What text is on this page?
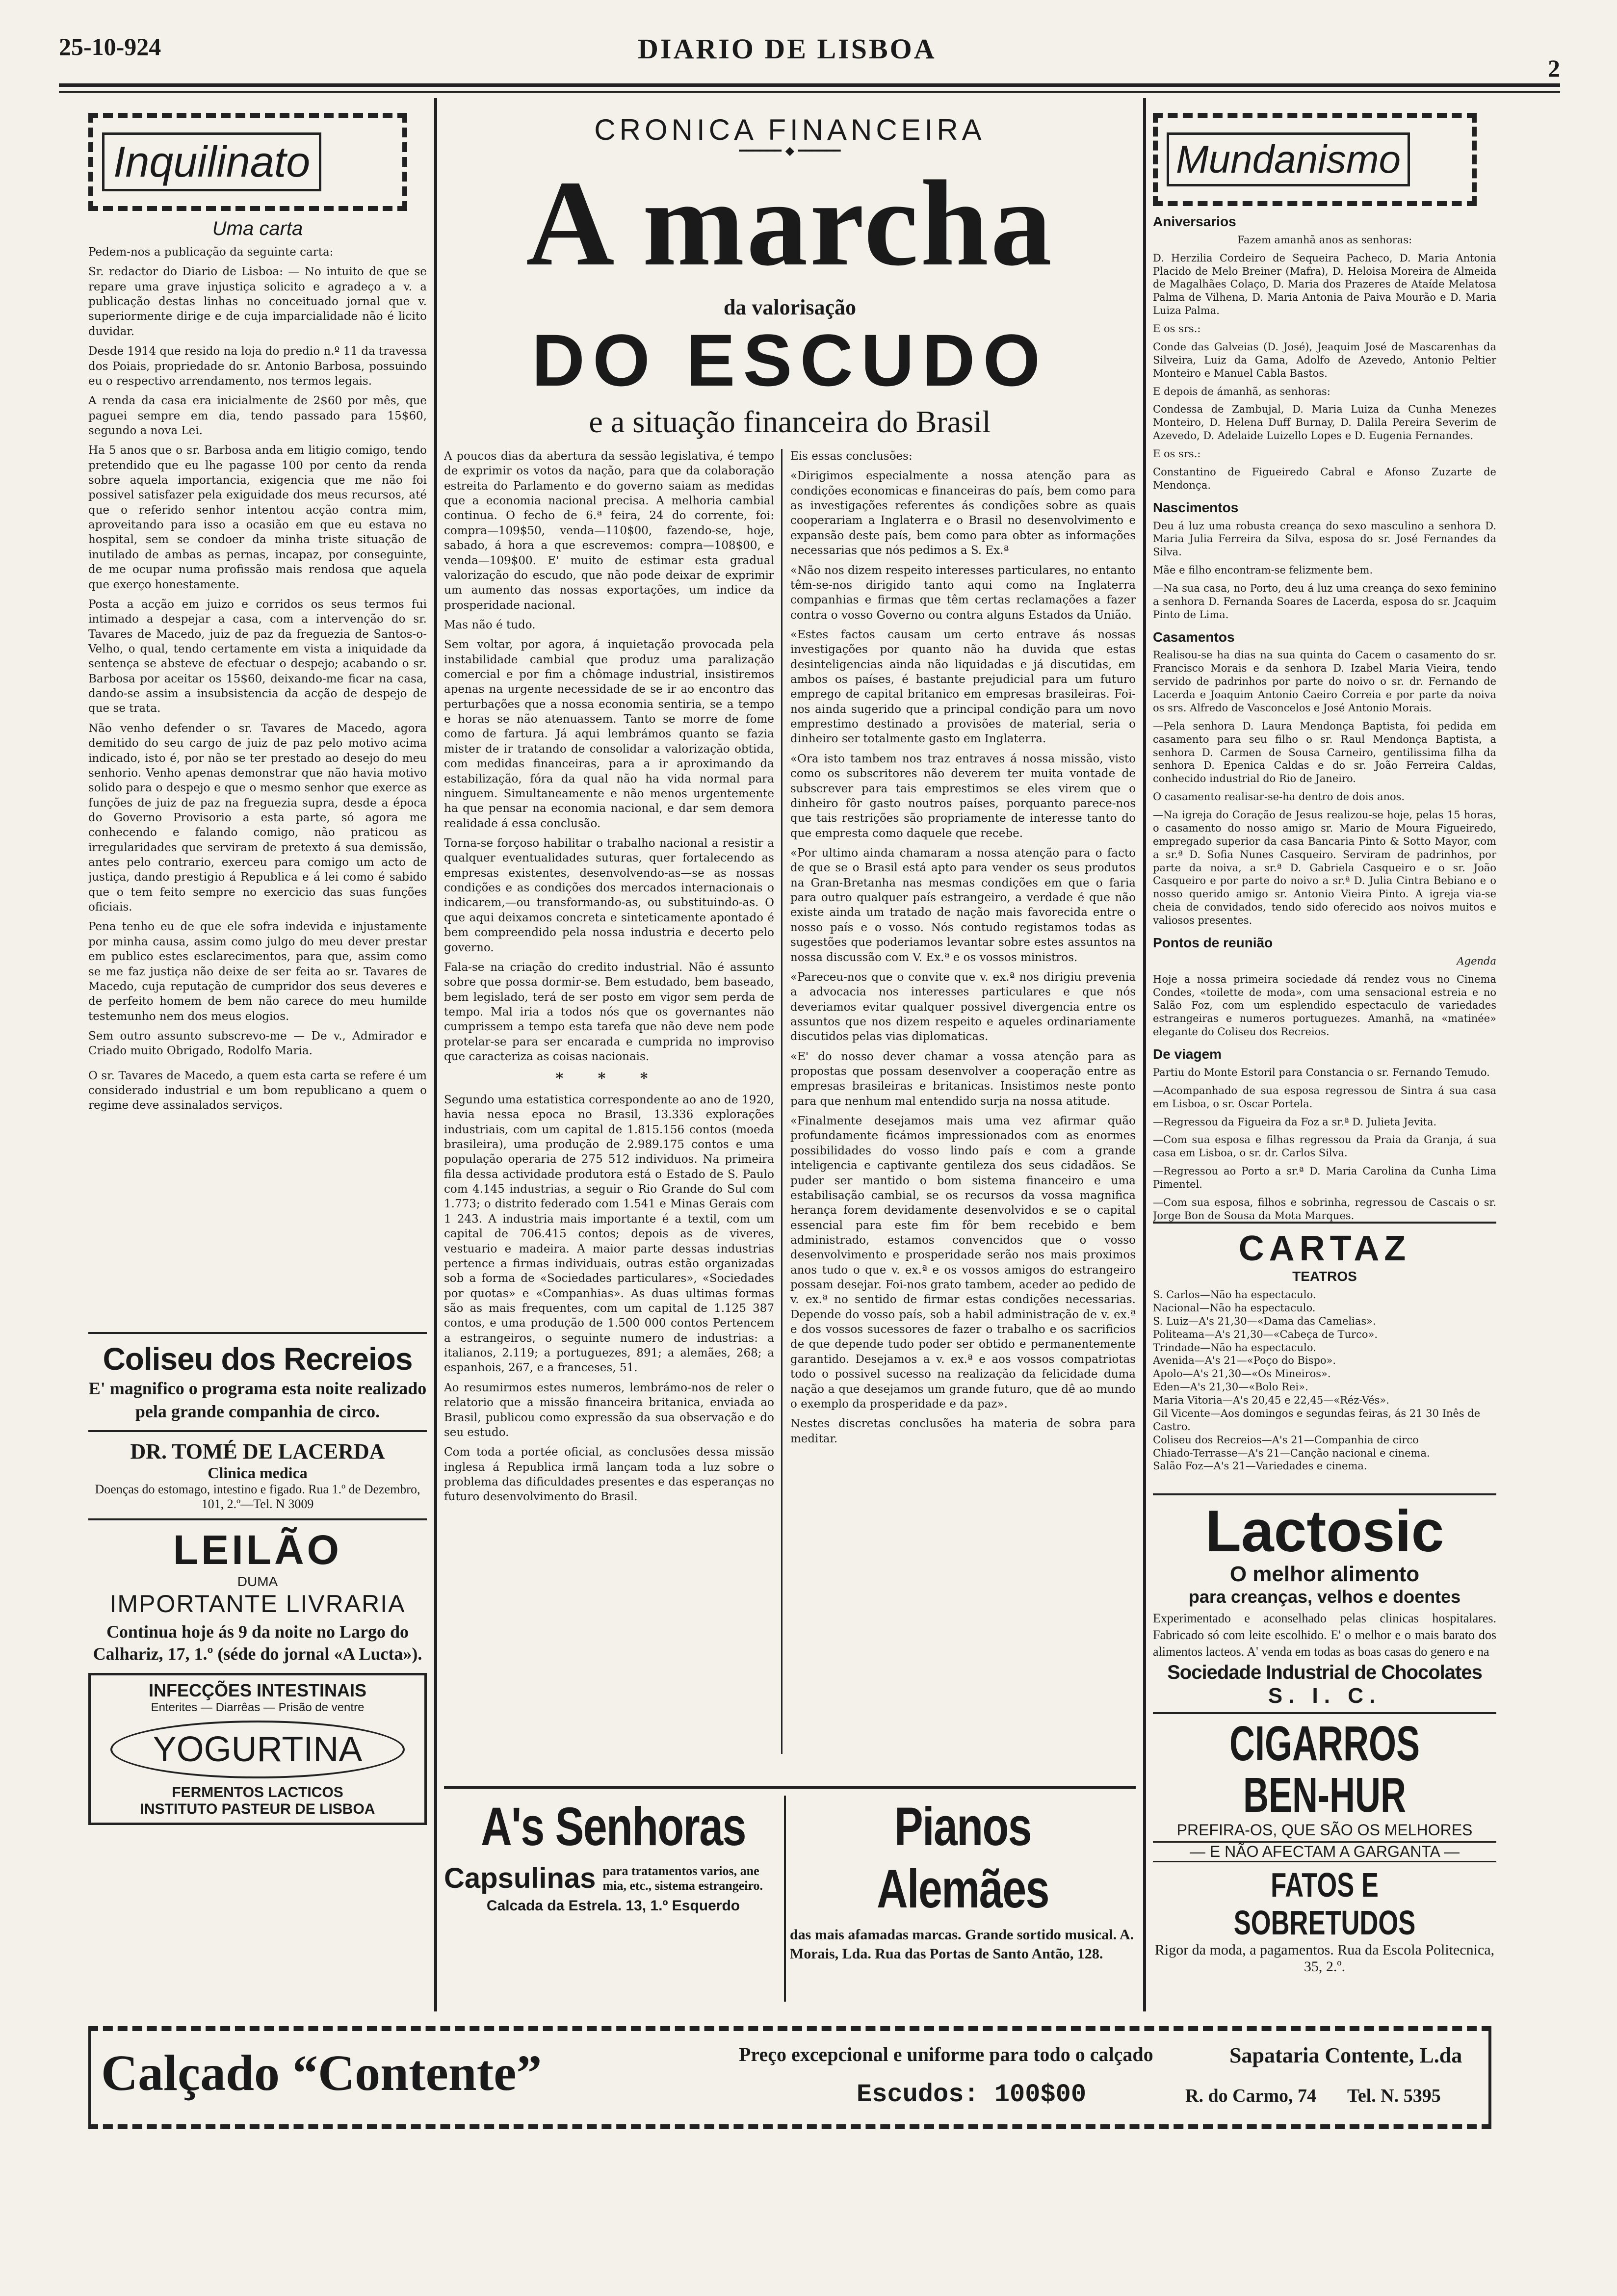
25-10-924	DIARIO DE LISBOA
2
Inquilinato
Uma carta

Pedem-nos a publicação da seguinte carta:

Sr. redactor do Diario de Lisboa: — No intuito de que se repare uma grave injustiça solicito e agradeço a v. a publicação destas linhas no conceituado jornal que v. superiormente dirige e de cuja imparcialidade não é licito duvidar.

Desde 1914 que resido na loja do predio n.º 11 da travessa dos Poiais, propriedade do sr. Antonio Barbosa, possuindo eu o respectivo arrendamento, nos termos legais.

A renda da casa era inicialmente de 2$60 por mês, que paguei sempre em dia, tendo passado para 15$60, segundo a nova Lei.

Ha 5 anos que o sr. Barbosa anda em litigio comigo, tendo pretendido que eu lhe pagasse 100 por cento da renda sobre aquela importancia, exigencia que me não foi possivel satisfazer pela exiguidade dos meus recursos, até que o referido senhor intentou acção contra mim, aproveitando para isso a ocasião em que eu estava no hospital, sem se condoer da minha triste situação de inutilado de ambas as pernas, incapaz, por conseguinte, de me ocupar numa profissão mais rendosa que aquela que exerço honestamente.

Posta a acção em juizo e corridos os seus termos fui intimado a despejar a casa, com a intervenção do sr. Tavares de Macedo, juiz de paz da freguezia de Santos-o-Velho, o qual, tendo certamente em vista a iniquidade da sentença se absteve de efectuar o despejo; acabando o sr. Barbosa por aceitar os 15$60, deixando-me ficar na casa, dando-se assim a insubsistencia da acção de despejo de que se trata.

Não venho defender o sr. Tavares de Macedo, agora demitido do seu cargo de juiz de paz pelo motivo acima indicado, isto é, por não se ter prestado ao desejo do meu senhorio. Venho apenas demonstrar que não havia motivo solido para o despejo e que o mesmo senhor que exerce as funções de juiz de paz na freguezia supra, desde a época do Governo Provisorio a esta parte, só agora me conhecendo e falando comigo, não praticou as irregularidades que serviram de pretexto á sua demissão, antes pelo contrario, exerceu para comigo um acto de justiça, dando prestigio á Republica e á lei como é sabido que o tem feito sempre no exercicio das suas funções oficiais.

Pena tenho eu de que ele sofra indevida e injustamente por minha causa, assim como julgo do meu dever prestar em publico estes esclarecimentos, para que, assim como se me faz justiça não deixe de ser feita ao sr. Tavares de Macedo, cuja reputação de cumpridor dos seus deveres e de perfeito homem de bem não carece do meu humilde testemunho nem dos meus elogios.

Sem outro assunto subscrevo-me — De v., Admirador e Criado muito Obrigado, Rodolfo Maria.

O sr. Tavares de Macedo, a quem esta carta se refere é um considerado industrial e um bom republicano a quem o regime deve assinalados serviços.

Coliseu dos Recreios
E' magnifico o programa esta noite realizado pela grande companhia de circo.
DR. TOMÉ DE LACERDA
Clinica medica
Doenças do estomago, intestino e figado. Rua 1.º de Dezembro, 101, 2.º—Tel. N 3009
LEILÃO
DUMA
IMPORTANTE LIVRARIA
Continua hoje ás 9 da noite no Largo do Calhariz, 17, 1.º (séde do jornal «A Lucta»).
INFECÇÕES INTESTINAIS
Enterites — Diarrêas — Prisão de ventre
YOGURTINA
FERMENTOS LACTICOS
INSTITUTO PASTEUR DE LISBOA
CRONICA FINANCEIRA
━━━━━━ ◆ ━━━━━━
A marcha
da valorisação
DO ESCUDO
e a situação financeira do Brasil

A poucos dias da abertura da sessão legislativa, é tempo de exprimir os votos da nação, para que da colaboração estreita do Parlamento e do governo saiam as medidas que a economia nacional precisa. A melhoria cambial continua. O fecho de 6.ª feira, 24 do corrente, foi: compra—109$50, venda—110$00, fazendo-se, hoje, sabado, á hora a que escrevemos: compra—108$00, e venda—109$00. E' muito de estimar esta gradual valorização do escudo, que não pode deixar de exprimir um aumento das nossas exportações, um indice da prosperidade nacional.

Mas não é tudo.

Sem voltar, por agora, á inquietação provocada pela instabilidade cambial que produz uma paralização comercial e por fim a chômage industrial, insistiremos apenas na urgente necessidade de se ir ao encontro das perturbações que a nossa economia sentiria, se a tempo e horas se não atenuassem. Tanto se morre de fome como de fartura. Já aqui lembrámos quanto se fazia mister de ir tratando de consolidar a valorização obtida, com medidas financeiras, para a ir aproximando da estabilização, fóra da qual não ha vida normal para ninguem. Simultaneamente e não menos urgentemente ha que pensar na economia nacional, e dar sem demora realidade á essa conclusão.

Torna-se forçoso habilitar o trabalho nacional a resistir a qualquer eventualidades suturas, quer fortalecendo as empresas existentes, desenvolvendo-as—se as nossas condições e as condições dos mercados internacionais o indicarem,—ou transformando-as, ou substituindo-as. O que aqui deixamos concreta e sinteticamente apontado é bem compreendido pela nossa industria e decerto pelo governo.

Fala-se na criação do credito industrial. Não é assunto sobre que possa dormir-se. Bem estudado, bem baseado, bem legislado, terá de ser posto em vigor sem perda de tempo. Mal iria a todos nós que os governantes não cumprissem a tempo esta tarefa que não deve nem pode protelar-se para ser encarada e cumprida no improviso que caracteriza as coisas nacionais.

* * *

Segundo uma estatistica correspondente ao ano de 1920, havia nessa epoca no Brasil, 13.336 explorações industriais, com um capital de 1.815.156 contos (moeda brasileira), uma produção de 2.989.175 contos e uma população operaria de 275 512 individuos. Na primeira fila dessa actividade produtora está o Estado de S. Paulo com 4.145 industrias, a seguir o Rio Grande do Sul com 1.773; o distrito federado com 1.541 e Minas Gerais com 1 243. A industria mais importante é a textil, com um capital de 706.415 contos; depois as de viveres, vestuario e madeira. A maior parte dessas industrias pertence a firmas individuais, outras estão organizadas sob a forma de «Sociedades particulares», «Sociedades por quotas» e «Companhias». As duas ultimas formas são as mais frequentes, com um capital de 1.125 387 contos, e uma produção de 1.500 000 contos Pertencem a estrangeiros, o seguinte numero de industrias: a italianos, 2.119; a portuguezes, 891; a alemães, 268; a espanhois, 267, e a franceses, 51.

Ao resumirmos estes numeros, lembrámo-nos de reler o relatorio que a missão financeira britanica, enviada ao Brasil, publicou como expressão da sua observação e do seu estudo.

Com toda a portée oficial, as conclusões dessa missão inglesa á Republica irmã lançam toda a luz sobre o problema das dificuldades presentes e das esperanças no futuro desenvolvimento do Brasil.

Eis essas conclusões:

«Dirigimos especialmente a nossa atenção para as condições economicas e financeiras do país, bem como para as investigações referentes ás condições sobre as quais cooperariam a Inglaterra e o Brasil no desenvolvimento e expansão deste país, bem como para obter as informações necessarias que nós pedimos a S. Ex.ª

«Não nos dizem respeito interesses particulares, no entanto têm-se-nos dirigido tanto aqui como na Inglaterra companhias e firmas que têm certas reclamações a fazer contra o vosso Governo ou contra alguns Estados da União.

«Estes factos causam um certo entrave ás nossas investigações por quanto não ha duvida que estas desinteligencias ainda não liquidadas e já discutidas, em ambos os países, é bastante prejudicial para um futuro emprego de capital britanico em empresas brasileiras. Foi-nos ainda sugerido que a principal condição para um novo emprestimo destinado a provisões de material, seria o dinheiro ser totalmente gasto em Inglaterra.

«Ora isto tambem nos traz entraves á nossa missão, visto como os subscritores não deverem ter muita vontade de subscrever para tais emprestimos se eles virem que o dinheiro fôr gasto noutros países, porquanto parece-nos que tais restrições são propriamente de interesse tanto do que empresta como daquele que recebe.

«Por ultimo ainda chamaram a nossa atenção para o facto de que se o Brasil está apto para vender os seus produtos na Gran-Bretanha nas mesmas condições em que o faria para outro qualquer país estrangeiro, a verdade é que não existe ainda um tratado de nação mais favorecida entre o nosso país e o vosso. Nós contudo registamos todas as sugestões que poderiamos levantar sobre estes assuntos na nossa discussão com V. Ex.ª e os vossos ministros.

«Pareceu-nos que o convite que v. ex.ª nos dirigiu prevenia a advocacia nos interesses particulares e que nós deveriamos evitar qualquer possivel divergencia entre os assuntos que nos dizem respeito e aqueles ordinariamente discutidos pelas vias diplomaticas.

«E' do nosso dever chamar a vossa atenção para as propostas que possam desenvolver a cooperação entre as empresas brasileiras e britanicas. Insistimos neste ponto para que nenhum mal entendido surja na nossa atitude.

«Finalmente desejamos mais uma vez afirmar quão profundamente ficámos impressionados com as enormes possibilidades do vosso lindo país e com a grande inteligencia e captivante gentileza dos seus cidadãos. Se puder ser mantido o bom sistema financeiro e uma estabilisação cambial, se os recursos da vossa magnifica herança forem devidamente desenvolvidos e se o capital essencial para este fim fôr bem recebido e bem administrado, estamos convencidos que o vosso desenvolvimento e prosperidade serão nos mais proximos anos tudo o que v. ex.ª e os vossos amigos do estrangeiro possam desejar. Foi-nos grato tambem, aceder ao pedido de v. ex.ª no sentido de firmar estas condições necessarias. Depende do vosso país, sob a habil administração de v. ex.ª e dos vossos sucessores de fazer o trabalho e os sacrificios de que depende tudo poder ser obtido e permanentemente garantido. Desejamos a v. ex.ª e aos vossos compatriotas todo o possivel sucesso na realização da felicidade duma nação a que desejamos um grande futuro, que dê ao mundo o exemplo da prosperidade e da paz».

Nestes discretas conclusões ha materia de sobra para meditar.

A's Senhoras
Capsulinas para tratamentos varios, ane mia, etc., sistema estrangeiro.
Calcada da Estrela. 13, 1.º Esquerdo
Pianos Alemães
das mais afamadas marcas. Grande sortido musical. A. Morais, Lda. Rua das Portas de Santo Antão, 128.
Mundanismo
Aniversarios

Fazem amanhã anos as senhoras:

D. Herzilia Cordeiro de Sequeira Pacheco, D. Maria Antonia Placido de Melo Breiner (Mafra), D. Heloisa Moreira de Almeida de Magalhães Colaço, D. Maria dos Prazeres de Ataíde Melatosa Palma de Vilhena, D. Maria Antonia de Paiva Mourão e D. Maria Luiza Palma.

E os srs.:

Conde das Galveias (D. José), Jeaquim José de Mascarenhas da Silveira, Luiz da Gama, Adolfo de Azevedo, Antonio Peltier Monteiro e Manuel Cabla Bastos.

E depois de ámanhã, as senhoras:

Condessa de Zambujal, D. Maria Luiza da Cunha Menezes Monteiro, D. Helena Duff Burnay, D. Dalila Pereira Severim de Azevedo, D. Adelaide Luizello Lopes e D. Eugenia Fernandes.

E os srs.:

Constantino de Figueiredo Cabral e Afonso Zuzarte de Mendonça.

Nascimentos

Deu á luz uma robusta creança do sexo masculino a senhora D. Maria Julia Ferreira da Silva, esposa do sr. José Fernandes da Silva.

Mãe e filho encontram-se felizmente bem.

—Na sua casa, no Porto, deu á luz uma creança do sexo feminino a senhora D. Fernanda Soares de Lacerda, esposa do sr. Jcaquim Pinto de Lima.

Casamentos

Realisou-se ha dias na sua quinta do Cacem o casamento do sr. Francisco Morais e da senhora D. Izabel Maria Vieira, tendo servido de padrinhos por parte do noivo o sr. dr. Fernando de Lacerda e Joaquim Antonio Caeiro Correia e por parte da noiva os srs. Alfredo de Vasconcelos e José Antonio Morais.

—Pela senhora D. Laura Mendonça Baptista, foi pedida em casamento para seu filho o sr. Raul Mendonça Baptista, a senhora D. Carmen de Sousa Carneiro, gentilissima filha da senhora D. Epenica Caldas e do sr. João Ferreira Caldas, conhecido industrial do Rio de Janeiro.

O casamento realisar-se-ha dentro de dois anos.

—Na igreja do Coração de Jesus realizou-se hoje, pelas 15 horas, o casamento do nosso amigo sr. Mario de Moura Figueiredo, empregado superior da casa Bancaria Pinto & Sotto Mayor, com a sr.ª D. Sofia Nunes Casqueiro. Serviram de padrinhos, por parte da noiva, a sr.ª D. Gabriela Casqueiro e o sr. João Casqueiro e por parte do noivo a sr.ª D. Julia Cintra Bebiano e o nosso querido amigo sr. Antonio Vieira Pinto. A igreja via-se cheia de convidados, tendo sido oferecido aos noivos muitos e valiosos presentes.

Pontos de reunião

Agenda

Hoje a nossa primeira sociedade dá rendez vous no Cinema Condes, «toilette de moda», com uma sensacional estreia e no Salão Foz, com um esplendido espectaculo de variedades estrangeiras e numeros portuguezes. Amanhã, na «matinée» elegante do Coliseu dos Recreios.

De viagem

Partiu do Monte Estoril para Constancia o sr. Fernando Temudo.

—Acompanhado de sua esposa regressou de Sintra á sua casa em Lisboa, o sr. Oscar Portela.

—Regressou da Figueira da Foz a sr.ª D. Julieta Jevita.

—Com sua esposa e filhas regressou da Praia da Granja, á sua casa em Lisboa, o sr. dr. Carlos Silva.

—Regressou ao Porto a sr.ª D. Maria Carolina da Cunha Lima Pimentel.

—Com sua esposa, filhos e sobrinha, regressou de Cascais o sr. Jorge Bon de Sousa da Mota Marques.

CARTAZ
TEATROS
S. Carlos—Não ha espectaculo.
Nacional—Não ha espectaculo.
S. Luiz—A's 21,30—«Dama das Camelias».
Politeama—A's 21,30—«Cabeça de Turco».
Trindade—Não ha espectaculo.
Avenida—A's 21—«Poço do Bispo».
Apolo—A's 21,30—«Os Mineiros».
Eden—A's 21,30—«Bolo Rei».
Maria Vitoria—A's 20,45 e 22,45—«Réz-Vés».
Gil Vicente—Aos domingos e segundas feiras, ás 21 30 Inês de Castro.
Coliseu dos Recreios—A's 21—Companhia de circo
Chiado-Terrasse—A's 21—Canção nacional e cinema.
Salão Foz—A's 21—Variedades e cinema.
Lactosic
O melhor alimento
para creanças, velhos e doentes
Experimentado e aconselhado pelas clinicas hospitalares. Fabricado só com leite escolhido. E' o melhor e o mais barato dos alimentos lacteos. A' venda em todas as boas casas do genero e na
Sociedade Industrial de Chocolates
S. I. C.
CIGARROS BEN-HUR
PREFIRA-OS, QUE SÃO OS MELHORES
— E NÃO AFECTAM A GARGANTA —
FATOS E SOBRETUDOS
Rigor da moda, a pagamentos. Rua da Escola Politecnica, 35, 2.º.
Calçado “Contente”	Preço excepcional e uniforme para todo o calçado
Escudos: 100$00
Sapataria Contente, L.da
R. do Carmo, 74 Tel. N. 5395
